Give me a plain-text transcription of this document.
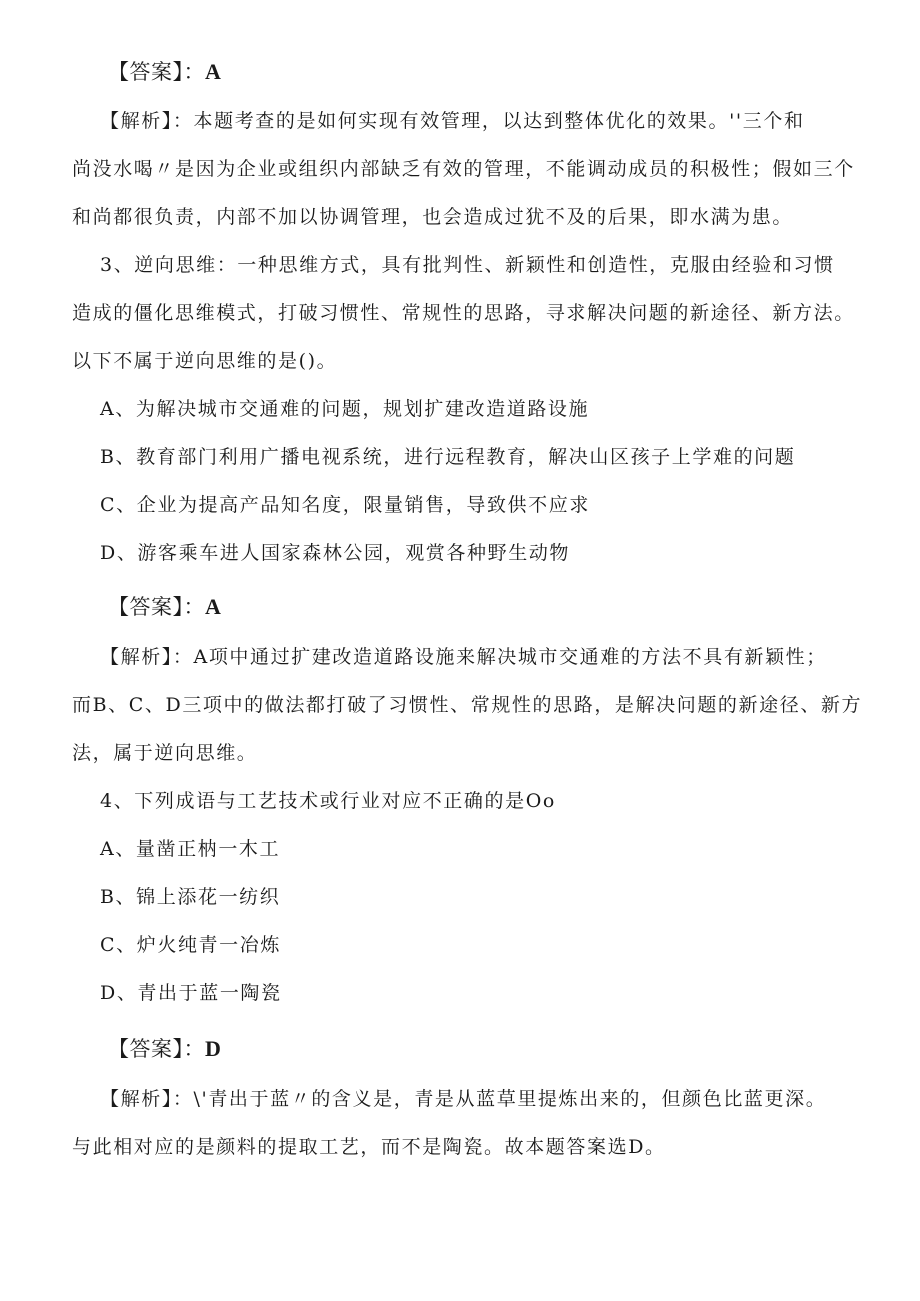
【答案】：A
【解析】：本题考查的是如何实现有效管理，以达到整体优化的效果。''三个和
尚没水喝〃是因为企业或组织内部缺乏有效的管理，不能调动成员的积极性；假如三个
和尚都很负责，内部不加以协调管理，也会造成过犹不及的后果，即水满为患。
3、逆向思维：一种思维方式，具有批判性、新颖性和创造性，克服由经验和习惯
造成的僵化思维模式，打破习惯性、常规性的思路，寻求解决问题的新途径、新方法。
以下不属于逆向思维的是()。
A、为解决城市交通难的问题，规划扩建改造道路设施
B、教育部门利用广播电视系统，进行远程教育，解决山区孩子上学难的问题
C、企业为提高产品知名度，限量销售，导致供不应求
D、游客乘车进人国家森林公园，观赏各种野生动物
【答案】：A
【解析】：A项中通过扩建改造道路设施来解决城市交通难的方法不具有新颖性；
而B、C、D三项中的做法都打破了习惯性、常规性的思路，是解决问题的新途径、新方
法，属于逆向思维。
4、下列成语与工艺技术或行业对应不正确的是Oo
A、量凿正枘一木工
B、锦上添花一纺织
C、炉火纯青一冶炼
D、青出于蓝一陶瓷
【答案】：D
【解析】：\'青出于蓝〃的含义是，青是从蓝草里提炼出来的，但颜色比蓝更深。
与此相对应的是颜料的提取工艺，而不是陶瓷。故本题答案选D。
